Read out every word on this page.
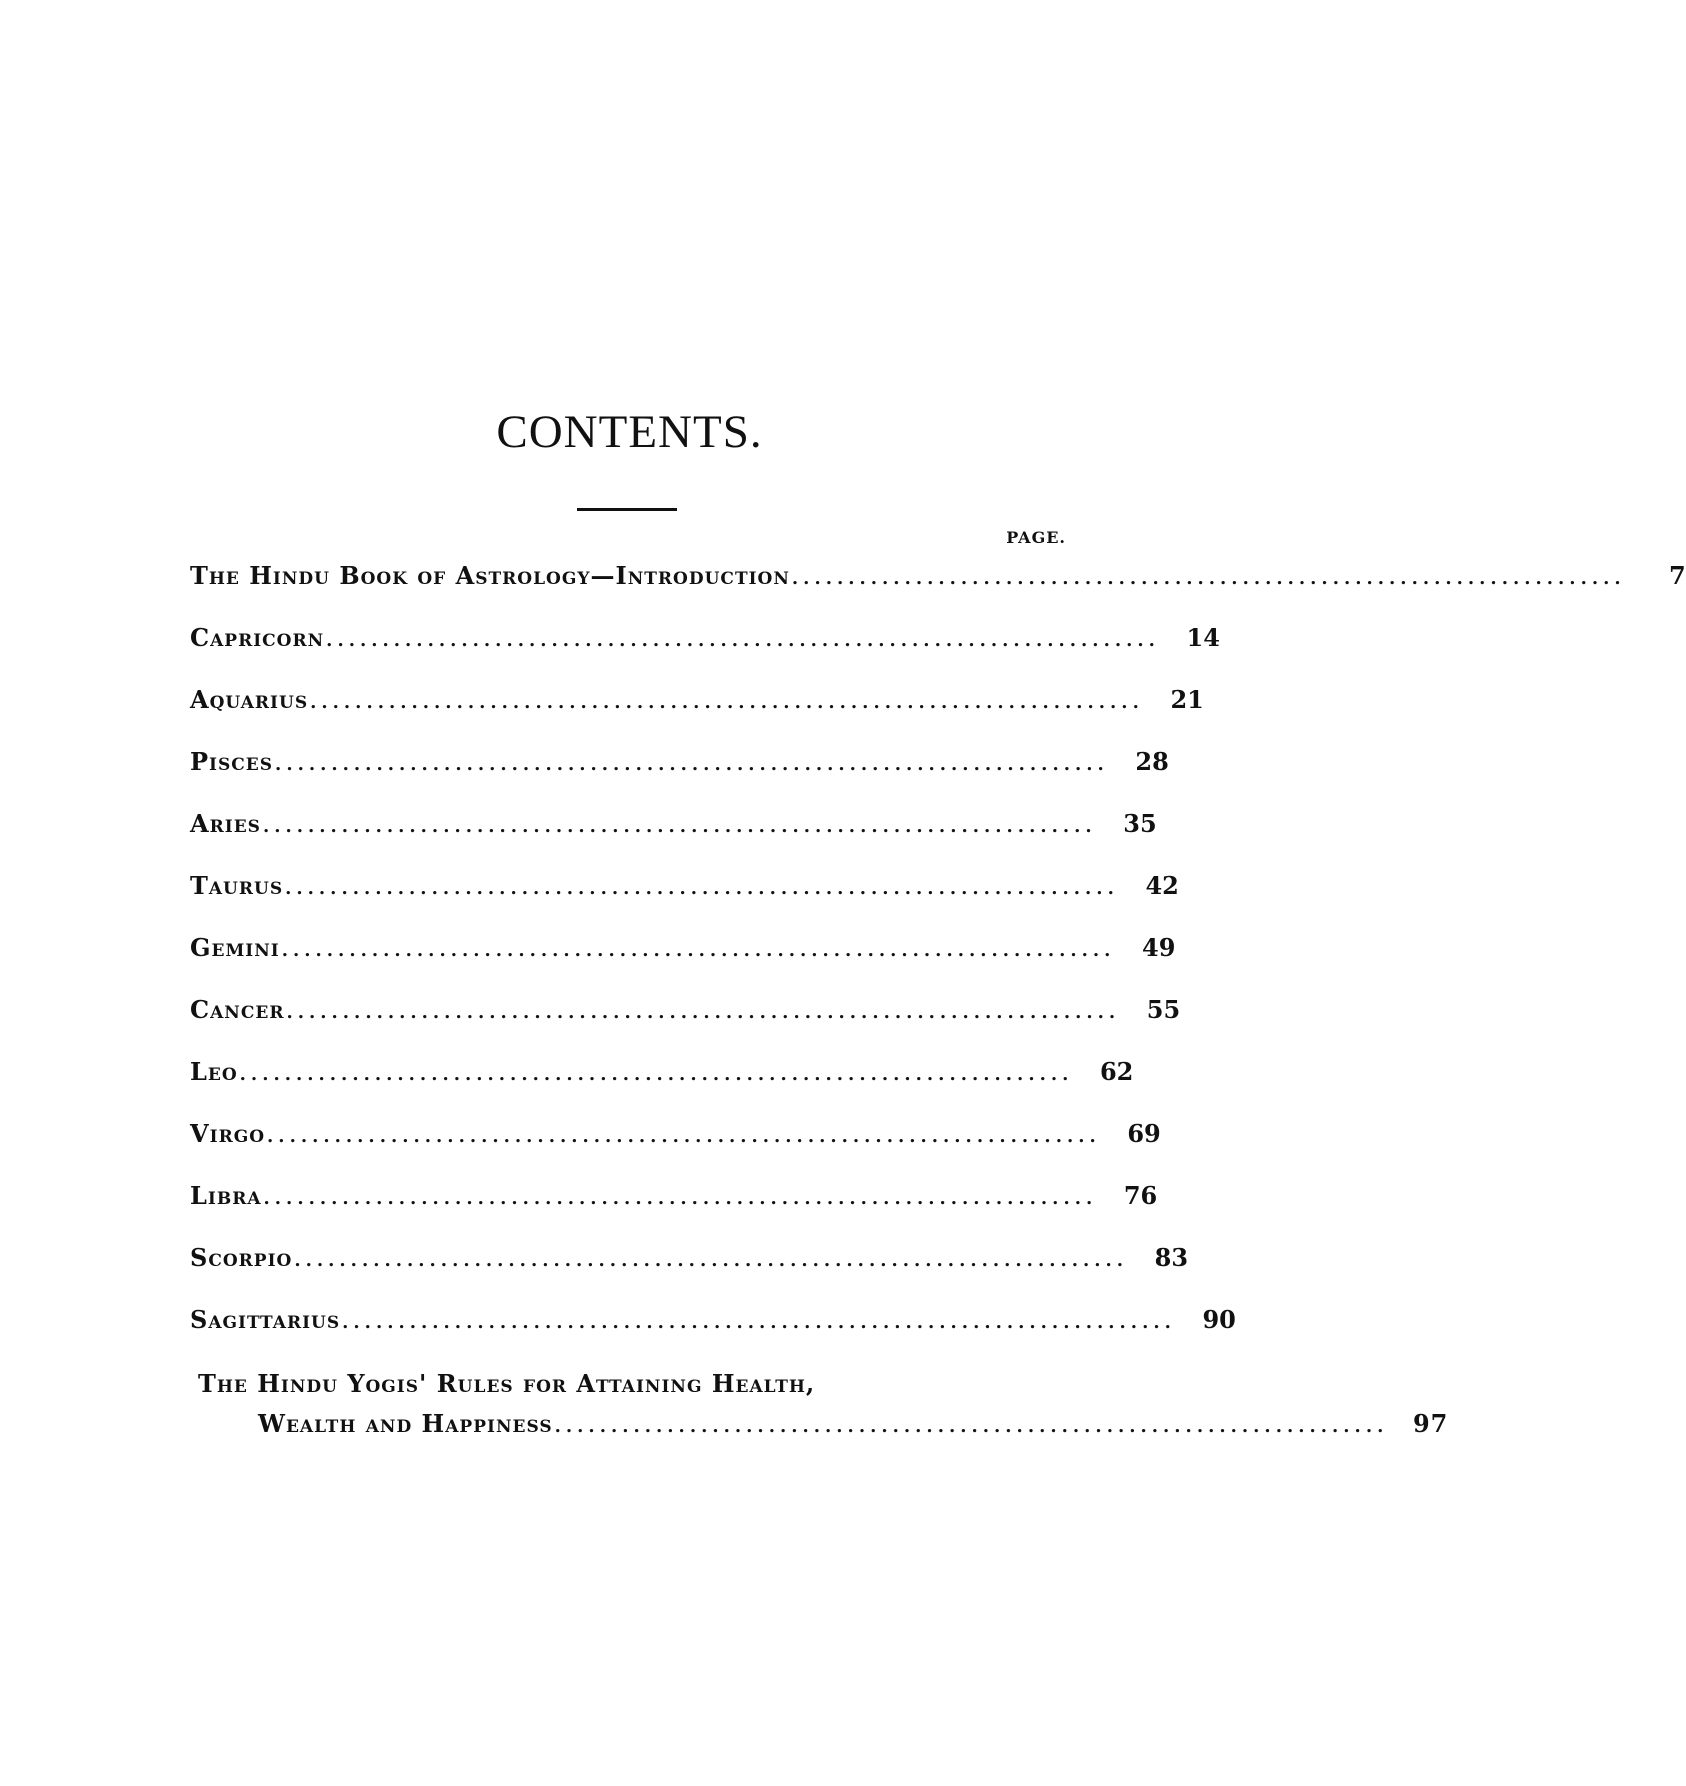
CONTENTS.
PAGE.
The Hindu Book of Astrology—Introduction ..........................................................................	7
Capricorn ..........................................................................	14
Aquarius ..........................................................................	21
Pisces ..........................................................................	28
Aries ..........................................................................	35
Taurus ..........................................................................	42
Gemini ..........................................................................	49
Cancer ..........................................................................	55
Leo ..........................................................................	62
Virgo ..........................................................................	69
Libra ..........................................................................	76
Scorpio ..........................................................................	83
Sagittarius ..........................................................................	90
The Hindu Yogis' Rules for Attaining Health,
Wealth and Happiness ..........................................................................	97
